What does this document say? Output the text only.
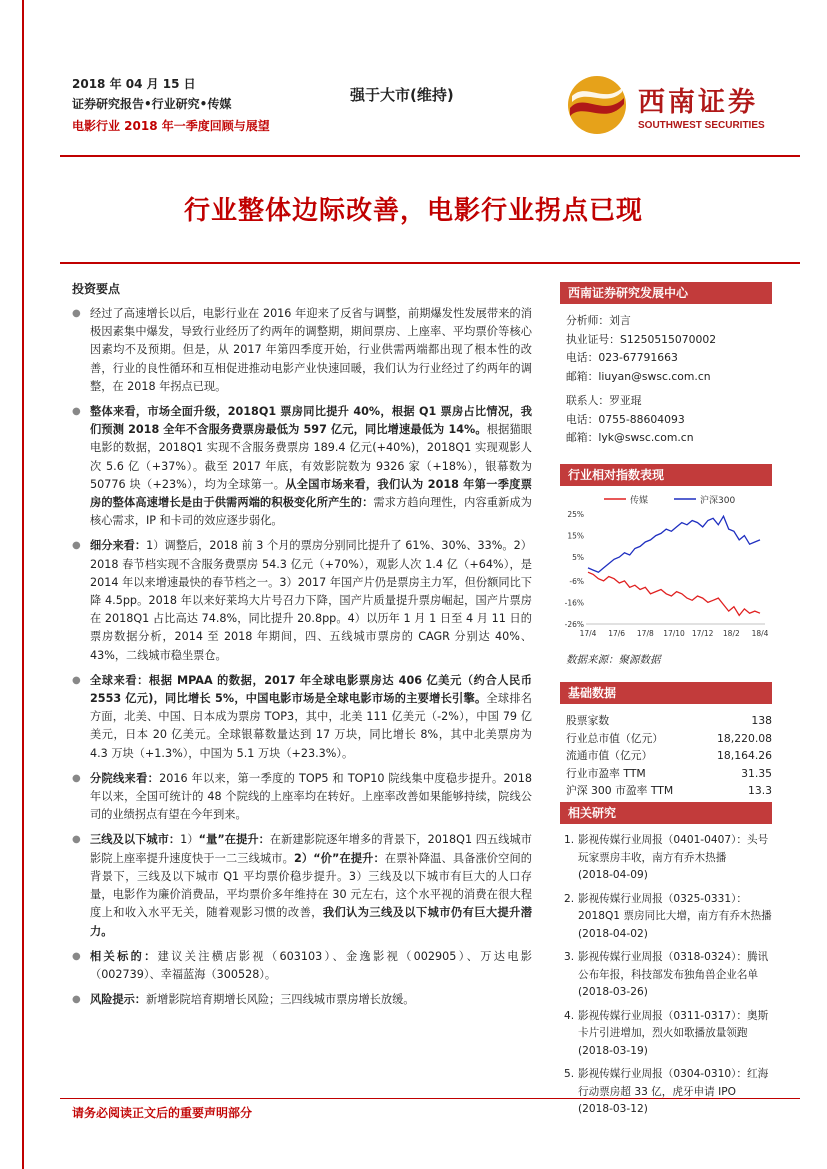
2018 年 04 月 15 日
证券研究报告•行业研究•传媒
电影行业 2018 年一季度回顾与展望
强于大市(维持)	西南证券
SOUTHWEST SECURITIES
行业整体边际改善，电影行业拐点已现
投资要点
● 经过了高速增长以后，电影行业在 2016 年迎来了反省与调整，前期爆发性发展带来的消极因素集中爆发，导致行业经历了约两年的调整期，期间票房、上座率、平均票价等核心因素均不及预期。但是，从 2017 年第四季度开始，行业供需两端都出现了根本性的改善，行业的良性循环和互相促进推动电影产业快速回暖，我们认为行业经过了约两年的调整，在 2018 年拐点已现。
● 整体来看，市场全面升级，2018Q1 票房同比提升 40%，根据 Q1 票房占比情况，我们预测 2018 全年不含服务费票房最低为 597 亿元，同比增速最低为 14%。根据猫眼电影的数据，2018Q1 实现不含服务费票房 189.4 亿元(+40%)，2018Q1 实现观影人次 5.6 亿（+37%）。截至 2017 年底，有效影院数为 9326 家（+18%），银幕数为 50776 块（+23%），均为全球第一。从全国市场来看，我们认为 2018 年第一季度票房的整体高速增长是由于供需两端的积极变化所产生的：需求方趋向理性，内容重新成为核心需求，IP 和卡司的效应逐步弱化。
● 细分来看：1）调整后，2018 前 3 个月的票房分别同比提升了 61%、30%、33%。2）2018 春节档实现不含服务费票房 54.3 亿元（+70%），观影人次 1.4 亿（+64%），是 2014 年以来增速最快的春节档之一。3）2017 年国产片仍是票房主力军，但份额同比下降 4.5pp。2018 年以来好莱坞大片号召力下降，国产片质量提升票房崛起，国产片票房在 2018Q1 占比高达 74.8%，同比提升 20.8pp。4）以历年 1 月 1 日至 4 月 11 日的票房数据分析，2014 至 2018 年期间，四、五线城市票房的 CAGR 分别达 40%、43%，二线城市稳坐票仓。
● 全球来看：根据 MPAA 的数据，2017 年全球电影票房达 406 亿美元（约合人民币 2553 亿元)，同比增长 5%，中国电影市场是全球电影市场的主要增长引擎。全球排名方面，北美、中国、日本成为票房 TOP3，其中，北美 111 亿美元（-2%），中国 79 亿美元，日本 20 亿美元。全球银幕数量达到 17 万块，同比增长 8%，其中北美票房为 4.3 万块（+1.3%），中国为 5.1 万块（+23.3%）。
● 分院线来看：2016 年以来，第一季度的 TOP5 和 TOP10 院线集中度稳步提升。2018 年以来，全国可统计的 48 个院线的上座率均在转好。上座率改善如果能够持续，院线公司的业绩拐点有望在今年到来。
● 三线及以下城市：1）“量”在提升：在新建影院逐年增多的背景下，2018Q1 四五线城市影院上座率提升速度快于一二三线城市。2）“价”在提升：在票补降温、具备涨价空间的背景下，三线及以下城市 Q1 平均票价稳步提升。3）三线及以下城市有巨大的人口存量，电影作为廉价消费品，平均票价多年维持在 30 元左右，这个水平视的消费在很大程度上和收入水平无关，随着观影习惯的改善，我们认为三线及以下城市仍有巨大提升潜力。
● 相关标的：建议关注横店影视（603103）、金逸影视（002905）、万达电影（002739）、幸福蓝海（300528）。
● 风险提示：新增影院培育期增长风险；三四线城市票房增长放缓。
西南证券研究发展中心
分析师：刘言
执业证号：S1250515070002
电话：023-67791663
邮箱：liuyan@swsc.com.cn
联系人：罗亚琨
电话：0755-88604093
邮箱：lyk@swsc.com.cn
行业相对指数表现
传媒	沪深300
25%
15%
5%
-6%
-16%
-26%
17/4 17/6 17/8 17/10 17/12 18/2 18/4
数据来源：聚源数据
基础数据
股票家数	138
行业总市值（亿元）	18,220.08
流通市值（亿元）	18,164.26
行业市盈率 TTM	31.35
沪深 300 市盈率 TTM	13.3
相关研究
1. 影视传媒行业周报（0401-0407）：头号玩家票房丰收，南方有乔木热播
(2018-04-09)
2. 影视传媒行业周报（0325-0331）：2018Q1 票房同比大增，南方有乔木热播
(2018-04-02)
3. 影视传媒行业周报（0318-0324）：腾讯公布年报，科技部发布独角兽企业名单
(2018-03-26)
4. 影视传媒行业周报（0311-0317）：奥斯卡片引进增加，烈火如歌播放量领跑
(2018-03-19)
5. 影视传媒行业周报（0304-0310）：红海行动票房超 33 亿，虎牙申请 IPO
(2018-03-12)
请务必阅读正文后的重要声明部分
